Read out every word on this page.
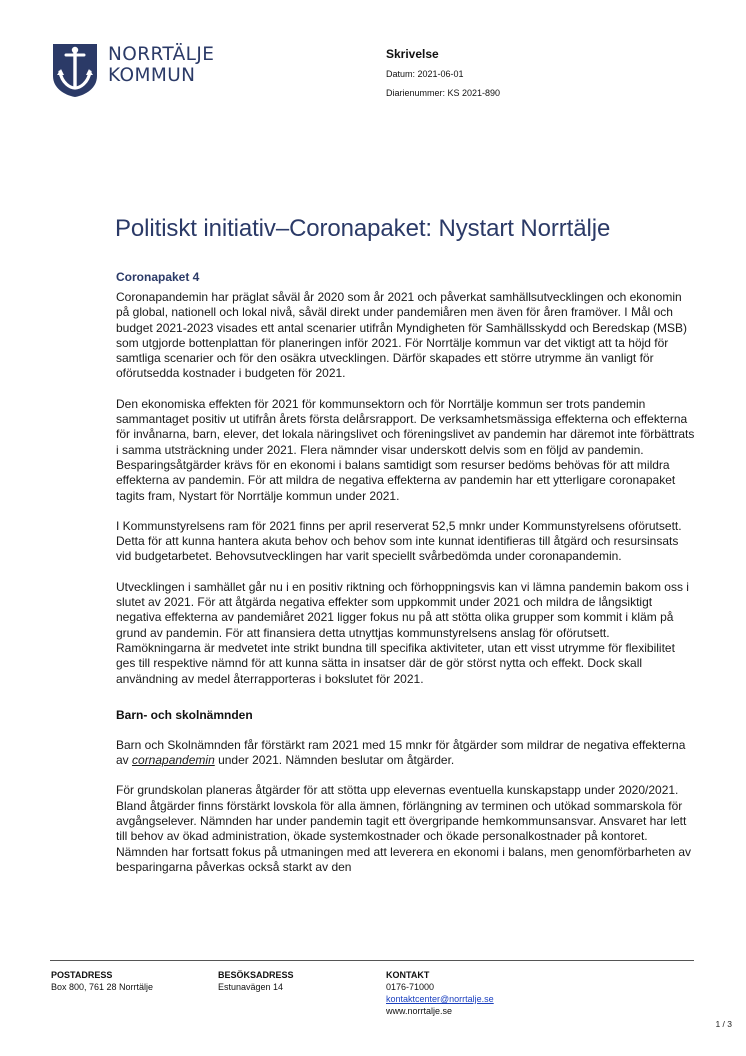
NORRTÄLJE
KOMMUN
Skrivelse
Datum: 2021-06-01
Diarienummer: KS 2021-890
Politiskt initiativ–Coronapaket: Nystart Norrtälje
Coronapaket 4

Coronapandemin har präglat såväl år 2020 som år 2021 och påverkat samhällsutvecklingen och ekonomin på global, nationell och lokal nivå, såväl direkt under pandemiåren men även för åren framöver. I Mål och budget 2021-2023 visades ett antal scenarier utifrån Myndigheten för Samhällsskydd och Beredskap (MSB) som utgjorde bottenplattan för planeringen inför 2021. För Norrtälje kommun var det viktigt att ta höjd för samtliga scenarier och för den osäkra utvecklingen. Därför skapades ett större utrymme än vanligt för oförutsedda kostnader i budgeten för 2021.

Den ekonomiska effekten för 2021 för kommunsektorn och för Norrtälje kommun ser trots pandemin sammantaget positiv ut utifrån årets första delårsrapport. De verksamhetsmässiga effekterna och effekterna för invånarna, barn, elever, det lokala näringslivet och föreningslivet av pandemin har däremot inte förbättrats i samma utsträckning under 2021. Flera nämnder visar underskott delvis som en följd av pandemin. Besparingsåtgärder krävs för en ekonomi i balans samtidigt som resurser bedöms behövas för att mildra effekterna av pandemin. För att mildra de negativa effekterna av pandemin har ett ytterligare coronapaket tagits fram, Nystart för Norrtälje kommun under 2021.

I Kommunstyrelsens ram för 2021 finns per april reserverat 52,5 mnkr under Kommunstyrelsens oförutsett. Detta för att kunna hantera akuta behov och behov som inte kunnat identifieras till åtgärd och resursinsats vid budgetarbetet. Behovsutvecklingen har varit speciellt svårbedömda under coronapandemin.

Utvecklingen i samhället går nu i en positiv riktning och förhoppningsvis kan vi lämna pandemin bakom oss i slutet av 2021. För att åtgärda negativa effekter som uppkommit under 2021 och mildra de långsiktigt negativa effekterna av pandemiåret 2021 ligger fokus nu på att stötta olika grupper som kommit i kläm på grund av pandemin. För att finansiera detta utnyttjas kommunstyrelsens anslag för oförutsett. Ramökningarna är medvetet inte strikt bundna till specifika aktiviteter, utan ett visst utrymme för flexibilitet ges till respektive nämnd för att kunna sätta in insatser där de gör störst nytta och effekt. Dock skall användning av medel återrapporteras i bokslutet för 2021.

Barn- och skolnämnden

Barn och Skolnämnden får förstärkt ram 2021 med 15 mnkr för åtgärder som mildrar de negativa effekterna av cornapandemin under 2021. Nämnden beslutar om åtgärder.

För grundskolan planeras åtgärder för att stötta upp elevernas eventuella kunskapstapp under 2020/2021. Bland åtgärder finns förstärkt lovskola för alla ämnen, förlängning av terminen och utökad sommarskola för avgångselever. Nämnden har under pandemin tagit ett övergripande hemkommunsansvar. Ansvaret har lett till behov av ökad administration, ökade systemkostnader och ökade personalkostnader på kontoret. Nämnden har fortsatt fokus på utmaningen med att leverera en ekonomi i balans, men genomförbarheten av besparingarna påverkas också starkt av den

POSTADRESS
Box 800, 761 28 Norrtälje
BESÖKSADRESS
Estunavägen 14
KONTAKT
0176-71000
kontaktcenter@norrtalje.se
www.norrtalje.se
1 / 3
